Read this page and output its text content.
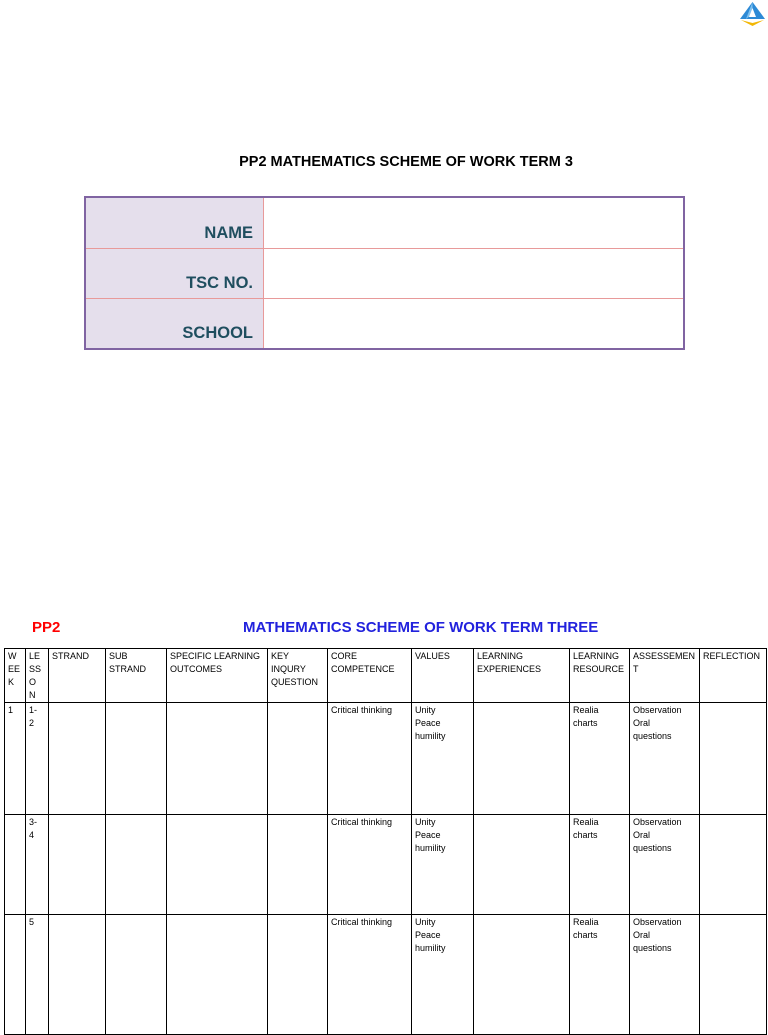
PP2 MATHEMATICS SCHEME OF WORK TERM 3
NAME	
TSC NO.	
SCHOOL	
PP2	MATHEMATICS SCHEME OF WORK TERM THREE
W
EE
K	LE
SS
O
N	STRAND	SUB
STRAND	SPECIFIC LEARNING
OUTCOMES	KEY
INQURY
QUESTION	CORE
COMPETENCE	VALUES	LEARNING
EXPERIENCES	LEARNING
RESOURCE	ASSESSEMEN
T	REFLECTION

1	1-
2					Critical thinking	Unity
Peace
humility		Realia
charts	Observation
Oral
questions	

	3-
4					Critical thinking	Unity
Peace
humility		Realia
charts	Observation
Oral
questions	

	5					Critical thinking	Unity
Peace
humility		Realia
charts	Observation
Oral
questions	
